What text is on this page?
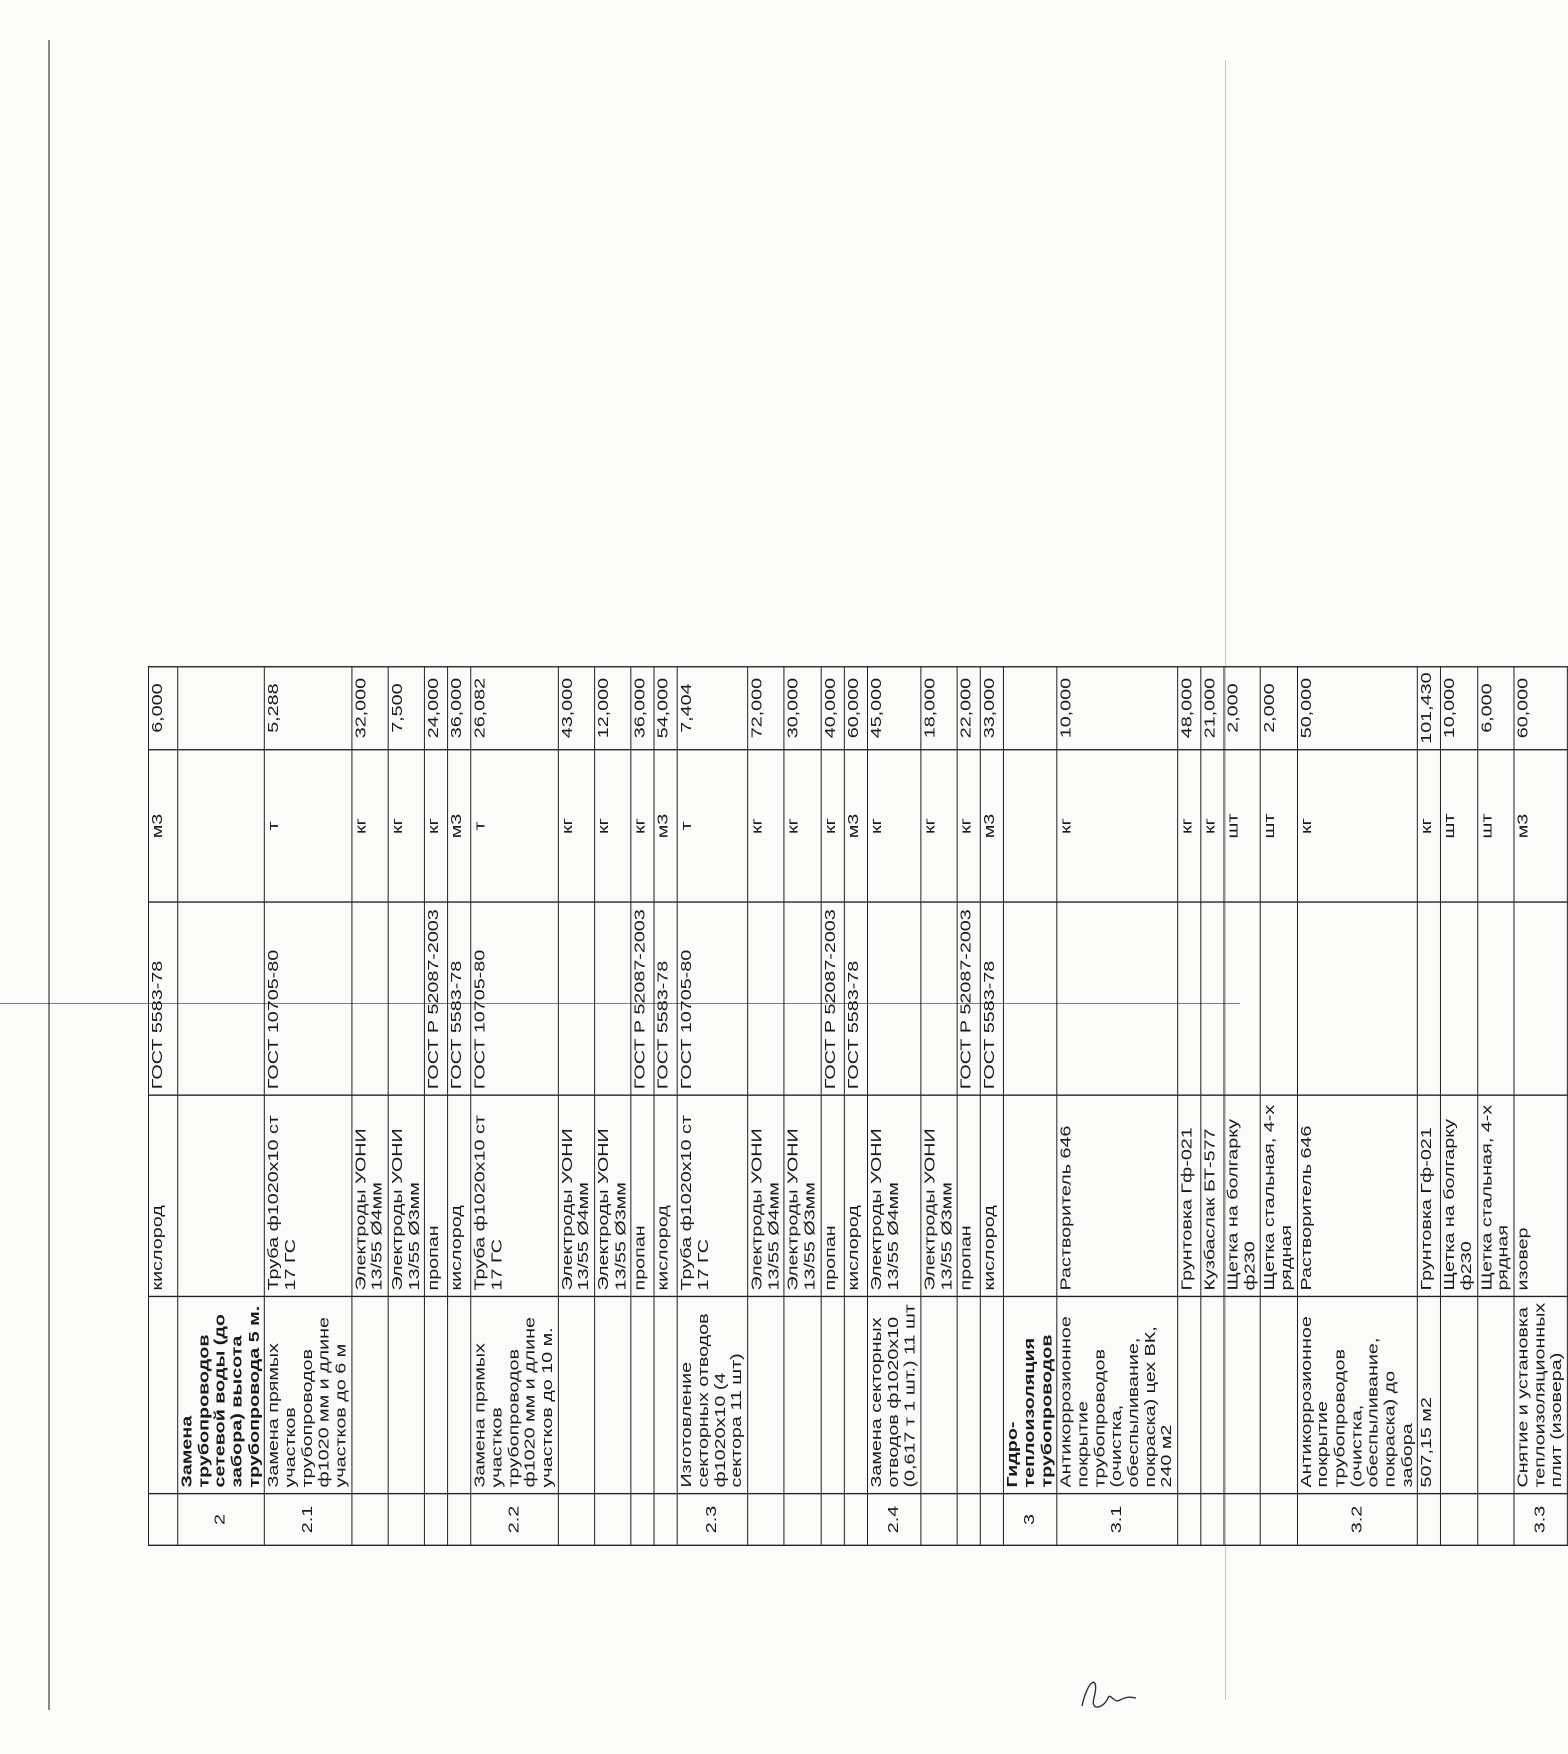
		кислород	ГОСТ 5583-78	м3	6,000
2	Замена трубопроводов сетевой воды (до забора) высота трубопровода 5 м.				
2.1	Замена прямых участков трубопроводов ф1020 мм и длине участков до 6 м	Труба ф1020х10 ст 17 ГС	ГОСТ 10705-80	т	5,288
		Электроды УОНИ 13/55 Ø4мм		кг	32,000
		Электроды УОНИ 13/55 Ø3мм		кг	7,500
		пропан	ГОСТ Р 52087-2003	кг	24,000
		кислород	ГОСТ 5583-78	м3	36,000
2.2	Замена прямых участков трубопроводов ф1020 мм и длине участков до 10 м.	Труба ф1020х10 ст 17 ГС	ГОСТ 10705-80	т	26,082
		Электроды УОНИ 13/55 Ø4мм		кг	43,000
		Электроды УОНИ 13/55 Ø3мм		кг	12,000
		пропан	ГОСТ Р 52087-2003	кг	36,000
		кислород	ГОСТ 5583-78	м3	54,000
2.3	Изготовление секторных отводов ф1020х10 (4 сектора 11 шт)	Труба ф1020х10 ст 17 ГС	ГОСТ 10705-80	т	7,404
		Электроды УОНИ 13/55 Ø4мм		кг	72,000
		Электроды УОНИ 13/55 Ø3мм		кг	30,000
		пропан	ГОСТ Р 52087-2003	кг	40,000
		кислород	ГОСТ 5583-78	м3	60,000
2.4	Замена секторных отводов ф1020х10 (0,617 т 1 шт.) 11 шт	Электроды УОНИ 13/55 Ø4мм		кг	45,000
		Электроды УОНИ 13/55 Ø3мм		кг	18,000
		пропан	ГОСТ Р 52087-2003	кг	22,000
		кислород	ГОСТ 5583-78	м3	33,000
3	Гидро-теплоизоляция трубопроводов				
3.1	Антикоррозионное покрытие трубопроводов (очистка, обеспыливание, покраска) цех ВК, 240 м2	Растворитель 646		кг	10,000
		Грунтовка Гф-021		кг	48,000
		Кузбаслак БТ-577		кг	21,000
		Щетка на болгарку ф230		шт	2,000
		Щетка стальная, 4-х рядная		шт	2,000
3.2	Антикоррозионное покрытие трубопроводов (очистка, обеспыливание, покраска) до забора	Растворитель 646		кг	50,000
	507,15 м2	Грунтовка Гф-021		кг	101,430
		Щетка на болгарку ф230		шт	10,000
		Щетка стальная, 4-х рядная		шт	6,000
3.3	Снятие и установка теплоизоляционных плит (изовера)	изовер		м3	60,000
